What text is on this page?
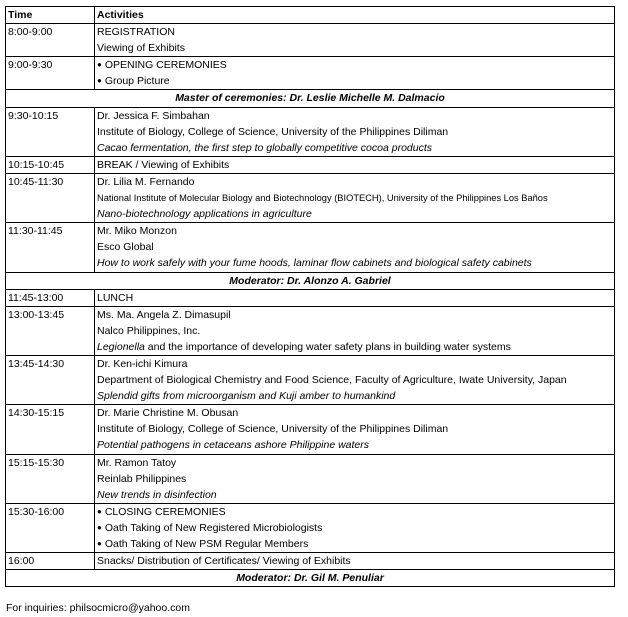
Time	Activities
8:00-9:00	REGISTRATION
Viewing of Exhibits

9:00-9:30	● OPENING CEREMONIES
● Group Picture

Master of ceremonies: Dr. Leslie Michelle M. Dalmacio	
9:30-10:15	Dr. Jessica F. Simbahan
Institute of Biology, College of Science, University of the Philippines Diliman
Cacao fermentation, the first step to globally competitive cocoa products

10:15-10:45	BREAK / Viewing of Exhibits

10:45-11:30	Dr. Lilia M. Fernando
National Institute of Molecular Biology and Biotechnology (BIOTECH), University of the Philippines Los Baños
Nano-biotechnology applications in agriculture

11:30-11:45	Mr. Miko Monzon
Esco Global
How to work safely with your fume hoods, laminar flow cabinets and biological safety cabinets

Moderator: Dr. Alonzo A. Gabriel	
11:45-13:00	LUNCH

13:00-13:45	Ms. Ma. Angela Z. Dimasupil
Nalco Philippines, Inc.
Legionella and the importance of developing water safety plans in building water systems

13:45-14:30	Dr. Ken-ichi Kimura
Department of Biological Chemistry and Food Science, Faculty of Agriculture, Iwate University, Japan
Splendid gifts from microorganism and Kuji amber to humankind

14:30-15:15	Dr. Marie Christine M. Obusan
Institute of Biology, College of Science, University of the Philippines Diliman
Potential pathogens in cetaceans ashore Philippine waters

15:15-15:30	Mr. Ramon Tatoy
Reinlab Philippines
New trends in disinfection

15:30-16:00	● CLOSING CEREMONIES
● Oath Taking of New Registered Microbiologists
● Oath Taking of New PSM Regular Members

16:00	Snacks/ Distribution of Certificates/ Viewing of Exhibits

Moderator: Dr. Gil M. Penuliar	
For inquiries: philsocmicro@yahoo.com
